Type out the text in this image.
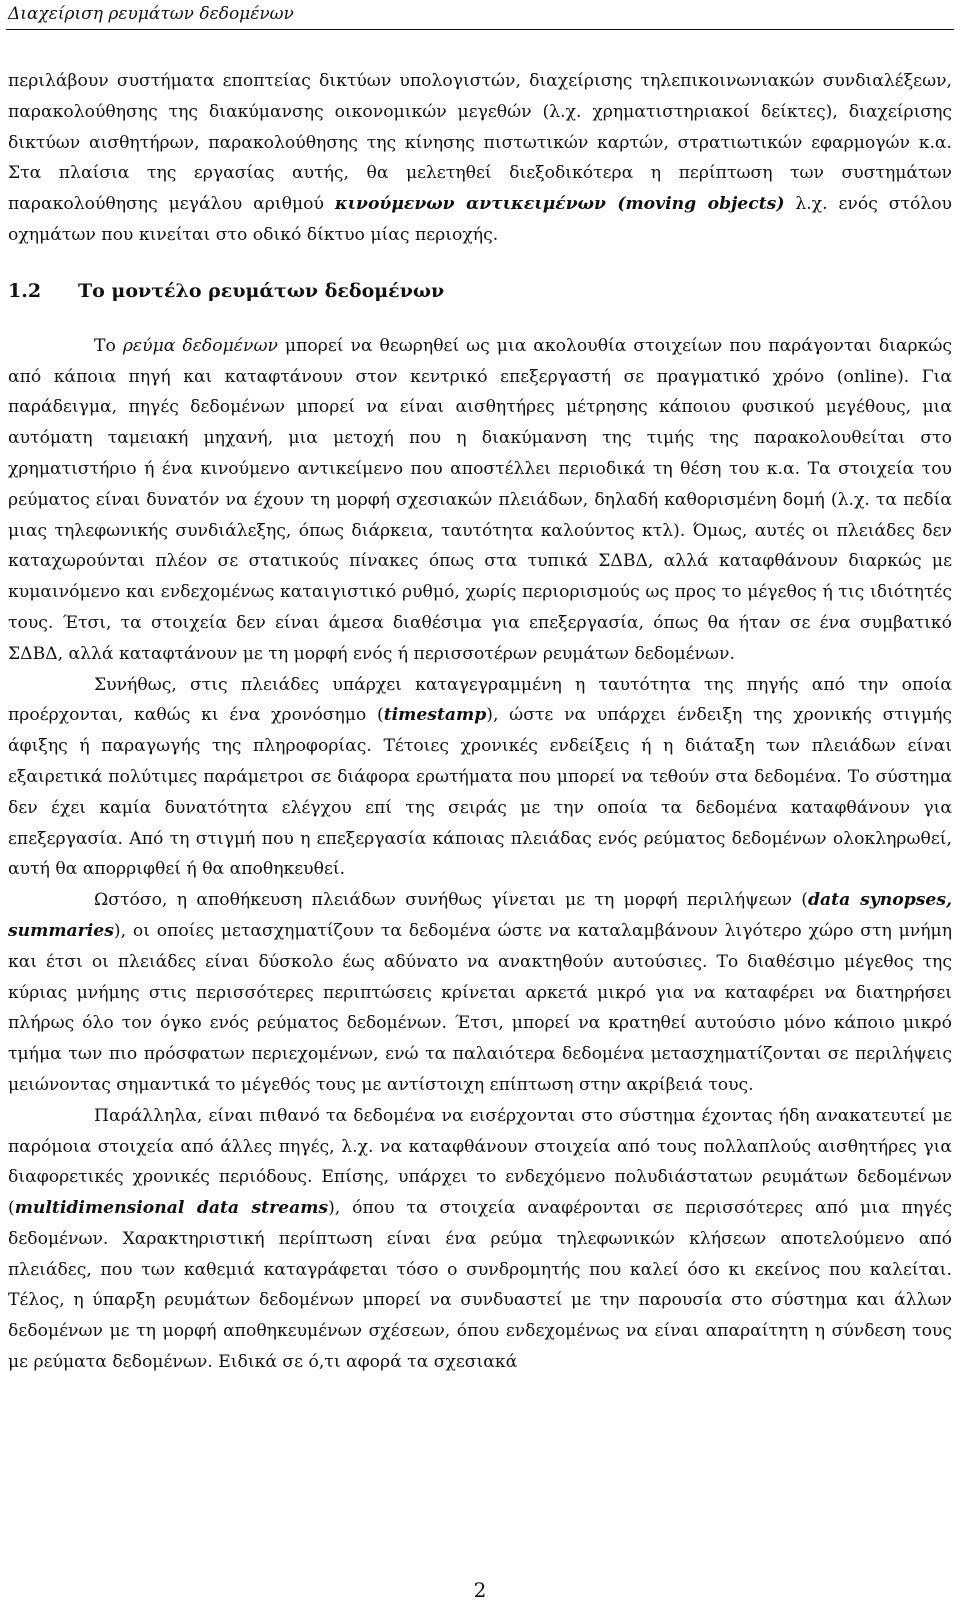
Διαχείριση ρευμάτων δεδομένων

περιλάβουν συστήματα εποπτείας δικτύων υπολογιστών, διαχείρισης τηλεπικοινωνιακών συνδιαλέξεων, παρακολούθησης της διακύμανσης οικονομικών μεγεθών (λ.χ. χρηματιστηριακοί δείκτες), διαχείρισης δικτύων αισθητήρων, παρακολούθησης της κίνησης πιστωτικών καρτών, στρατιωτικών εφαρμογών κ.α. Στα πλαίσια της εργασίας αυτής, θα μελετηθεί διεξοδικότερα η περίπτωση των συστημάτων παρακολούθησης μεγάλου αριθμού κινούμενων αντικειμένων (moving objects) λ.χ. ενός στόλου οχημάτων που κινείται στο οδικό δίκτυο μίας περιοχής.

1.2 Το μοντέλο ρευμάτων δεδομένων

Το ρεύμα δεδομένων μπορεί να θεωρηθεί ως μια ακολουθία στοιχείων που παράγονται διαρκώς από κάποια πηγή και καταφτάνουν στον κεντρικό επεξεργαστή σε πραγματικό χρόνο (online). Για παράδειγμα, πηγές δεδομένων μπορεί να είναι αισθητήρες μέτρησης κάποιου φυσικού μεγέθους, μια αυτόματη ταμειακή μηχανή, μια μετοχή που η διακύμανση της τιμής της παρακολουθείται στο χρηματιστήριο ή ένα κινούμενο αντικείμενο που αποστέλλει περιοδικά τη θέση του κ.α. Τα στοιχεία του ρεύματος είναι δυνατόν να έχουν τη μορφή σχεσιακών πλειάδων, δηλαδή καθορισμένη δομή (λ.χ. τα πεδία μιας τηλεφωνικής συνδιάλεξης, όπως διάρκεια, ταυτότητα καλούντος κτλ). Όμως, αυτές οι πλειάδες δεν καταχωρούνται πλέον σε στατικούς πίνακες όπως στα τυπικά ΣΔΒΔ, αλλά καταφθάνουν διαρκώς με κυμαινόμενο και ενδεχομένως καταιγιστικό ρυθμό, χωρίς περιορισμούς ως προς το μέγεθος ή τις ιδιότητές τους. Έτσι, τα στοιχεία δεν είναι άμεσα διαθέσιμα για επεξεργασία, όπως θα ήταν σε ένα συμβατικό ΣΔΒΔ, αλλά καταφτάνουν με τη μορφή ενός ή περισσοτέρων ρευμάτων δεδομένων.

Συνήθως, στις πλειάδες υπάρχει καταγεγραμμένη η ταυτότητα της πηγής από την οποία προέρχονται, καθώς κι ένα χρονόσημο (timestamp), ώστε να υπάρχει ένδειξη της χρονικής στιγμής άφιξης ή παραγωγής της πληροφορίας. Τέτοιες χρονικές ενδείξεις ή η διάταξη των πλειάδων είναι εξαιρετικά πολύτιμες παράμετροι σε διάφορα ερωτήματα που μπορεί να τεθούν στα δεδομένα. Το σύστημα δεν έχει καμία δυνατότητα ελέγχου επί της σειράς με την οποία τα δεδομένα καταφθάνουν για επεξεργασία. Από τη στιγμή που η επεξεργασία κάποιας πλειάδας ενός ρεύματος δεδομένων ολοκληρωθεί, αυτή θα απορριφθεί ή θα αποθηκευθεί.

Ωστόσο, η αποθήκευση πλειάδων συνήθως γίνεται με τη μορφή περιλήψεων (data synopses, summaries), οι οποίες μετασχηματίζουν τα δεδομένα ώστε να καταλαμβάνουν λιγότερο χώρο στη μνήμη και έτσι οι πλειάδες είναι δύσκολο έως αδύνατο να ανακτηθούν αυτούσιες. Το διαθέσιμο μέγεθος της κύριας μνήμης στις περισσότερες περιπτώσεις κρίνεται αρκετά μικρό για να καταφέρει να διατηρήσει πλήρως όλο τον όγκο ενός ρεύματος δεδομένων. Έτσι, μπορεί να κρατηθεί αυτούσιο μόνο κάποιο μικρό τμήμα των πιο πρόσφατων περιεχομένων, ενώ τα παλαιότερα δεδομένα μετασχηματίζονται σε περιλήψεις μειώνοντας σημαντικά το μέγεθός τους με αντίστοιχη επίπτωση στην ακρίβειά τους.

Παράλληλα, είναι πιθανό τα δεδομένα να εισέρχονται στο σύστημα έχοντας ήδη ανακατευτεί με παρόμοια στοιχεία από άλλες πηγές, λ.χ. να καταφθάνουν στοιχεία από τους πολλαπλούς αισθητήρες για διαφορετικές χρονικές περιόδους. Επίσης, υπάρχει το ενδεχόμενο πολυδιάστατων ρευμάτων δεδομένων (multidimensional data streams), όπου τα στοιχεία αναφέρονται σε περισσότερες από μια πηγές δεδομένων. Χαρακτηριστική περίπτωση είναι ένα ρεύμα τηλεφωνικών κλήσεων αποτελούμενο από πλειάδες, που των καθεμιά καταγράφεται τόσο ο συνδρομητής που καλεί όσο κι εκείνος που καλείται. Τέλος, η ύπαρξη ρευμάτων δεδομένων μπορεί να συνδυαστεί με την παρουσία στο σύστημα και άλλων δεδομένων με τη μορφή αποθηκευμένων σχέσεων, όπου ενδεχομένως να είναι απαραίτητη η σύνδεση τους με ρεύματα δεδομένων. Ειδικά σε ό,τι αφορά τα σχεσιακά

2
